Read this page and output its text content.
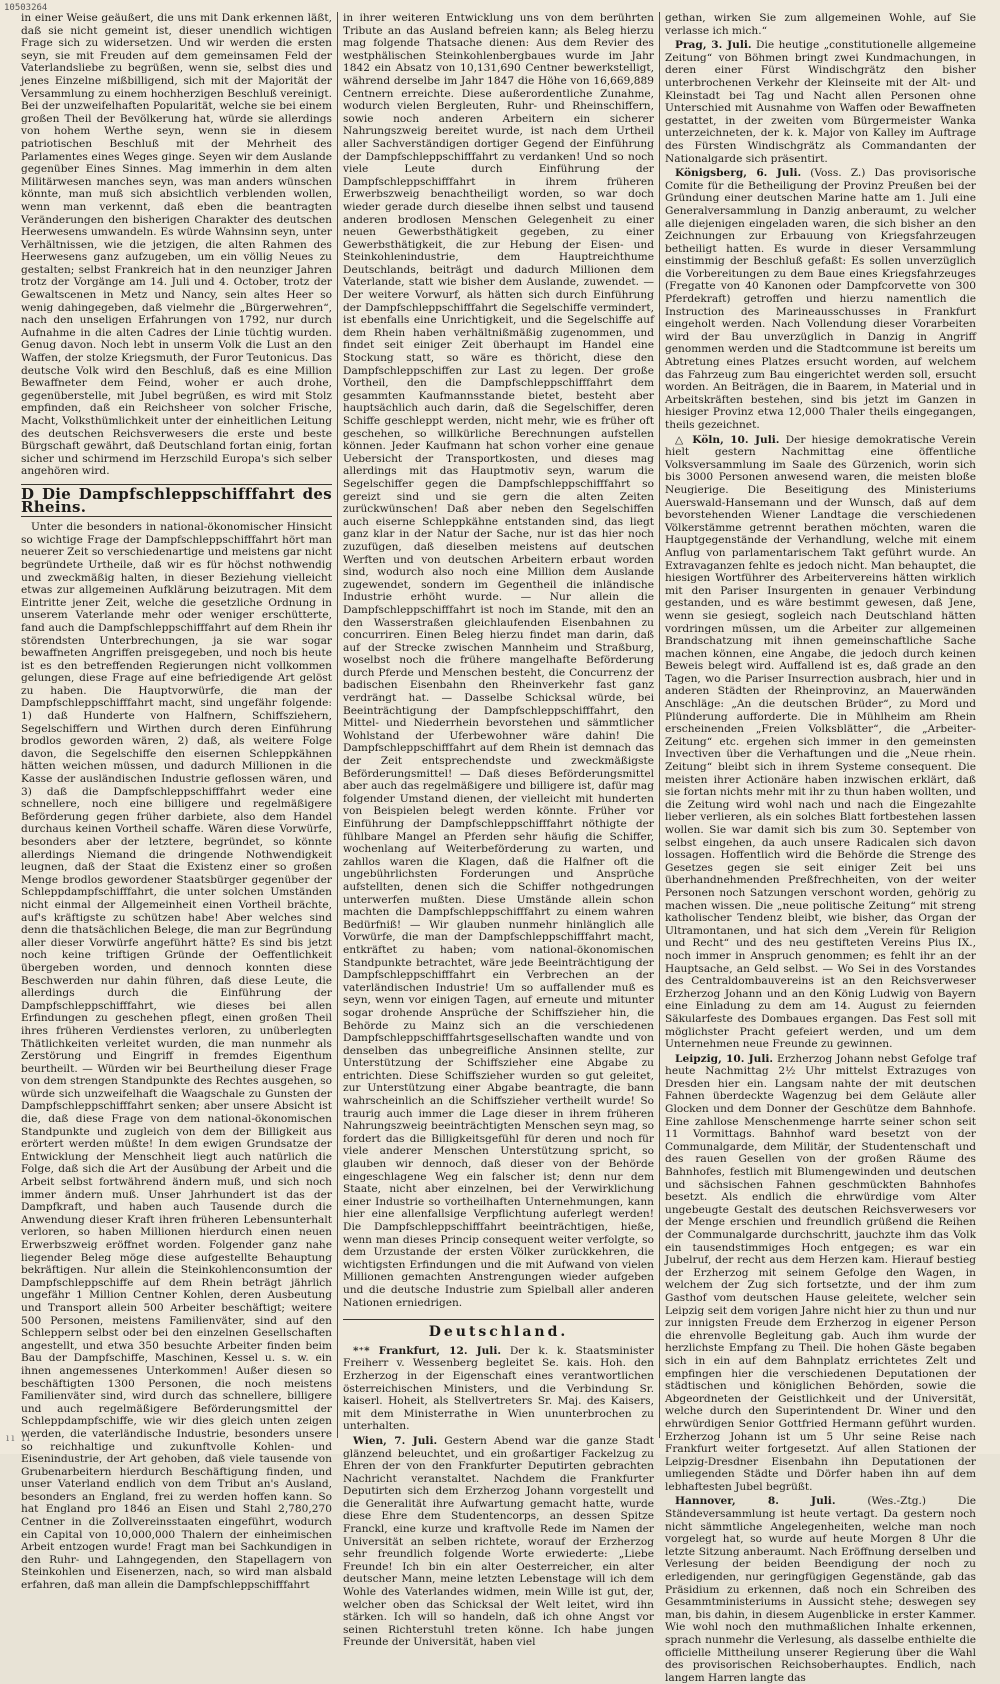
10503264

in einer Weise geäußert, die uns mit Dank erkennen läßt, daß sie nicht gemeint ist, dieser unendlich wichtigen Frage sich zu widersetzen. Und wir werden die ersten seyn, sie mit Freuden auf dem gemeinsamen Feld der Vaterlandsliebe zu begrüßen, wenn sie, selbst dies und jenes Einzelne mißbilligend, sich mit der Majorität der Versammlung zu einem hochherzigen Beschluß vereinigt. Bei der unzweifelhaften Popularität, welche sie bei einem großen Theil der Bevölkerung hat, würde sie allerdings von hohem Werthe seyn, wenn sie in diesem patriotischen Beschluß mit der Mehrheit des Parlamentes eines Weges ginge. Seyen wir dem Auslande gegenüber Eines Sinnes. Mag immerhin in dem alten Militärwesen manches seyn, was man anders wünschen könnte, man muß sich absichtlich verblenden wollen, wenn man verkennt, daß eben die beantragten Veränderungen den bisherigen Charakter des deutschen Heerwesens umwandeln. Es würde Wahnsinn seyn, unter Verhältnissen, wie die jetzigen, die alten Rahmen des Heerwesens ganz aufzugeben, um ein völlig Neues zu gestalten; selbst Frankreich hat in den neunziger Jahren trotz der Vorgänge am 14. Juli und 4. October, trotz der Gewaltscenen in Metz und Nancy, sein altes Heer so wenig dahingegeben, daß vielmehr die „Bürgerwehren“, nach den unseligen Erfahrungen von 1792, nur durch Aufnahme in die alten Cadres der Linie tüchtig wurden. Genug davon. Noch lebt in unserm Volk die Lust an den Waffen, der stolze Kriegsmuth, der Furor Teutonicus. Das deutsche Volk wird den Beschluß, daß es eine Million Bewaffneter dem Feind, woher er auch drohe, gegenüberstelle, mit Jubel begrüßen, es wird mit Stolz empfinden, daß ein Reichsheer von solcher Frische, Macht, Volksthümlichkeit unter der einheitlichen Leitung des deutschen Reichsverwesers die erste und beste Bürgschaft gewährt, daß Deutschland fortan einig, fortan sicher und schirmend im Herzschild Europa's sich selber angehören wird.

D Die Dampfschleppschifffahrt des Rheins.

Unter die besonders in national-ökonomischer Hinsicht so wichtige Frage der Dampfschleppschifffahrt hört man neuerer Zeit so verschiedenartige und meistens gar nicht begründete Urtheile, daß wir es für höchst nothwendig und zweckmäßig halten, in dieser Beziehung vielleicht etwas zur allgemeinen Aufklärung beizutragen. Mit dem Eintritte jener Zeit, welche die gesetzliche Ordnung in unserem Vaterlande mehr oder weniger erschütterte, fand auch die Dampfschleppschifffahrt auf dem Rhein ihr störendsten Unterbrechungen, ja sie war sogar bewaffneten Angriffen preisgegeben, und noch bis heute ist es den betreffenden Regierungen nicht vollkommen gelungen, diese Frage auf eine befriedigende Art gelöst zu haben. Die Hauptvorwürfe, die man der Dampfschleppschifffahrt macht, sind ungefähr folgende: 1) daß Hunderte von Halfnern, Schiffsziehern, Segelschiffern und Wirthen durch deren Einführung brodlos geworden wären, 2) daß, als weitere Folge davon, die Segelschiffe den eisernen Schleppkähnen hätten weichen müssen, und dadurch Millionen in die Kasse der ausländischen Industrie geflossen wären, und 3) daß die Dampfschleppschifffahrt weder eine schnellere, noch eine billigere und regelmäßigere Beförderung gegen früher darbiete, also dem Handel durchaus keinen Vortheil schaffe. Wären diese Vorwürfe, besonders aber der letztere, begründet, so könnte allerdings Niemand die dringende Nothwendigkeit leugnen, daß der Staat die Existenz einer so großen Menge brodlos gewordener Staatsbürger gegenüber der Schleppdampfschifffahrt, die unter solchen Umständen nicht einmal der Allgemeinheit einen Vortheil brächte, auf's kräftigste zu schützen habe! Aber welches sind denn die thatsächlichen Belege, die man zur Begründung aller dieser Vorwürfe angeführt hätte? Es sind bis jetzt noch keine triftigen Gründe der Oeffentlichkeit übergeben worden, und dennoch konnten diese Beschwerden nur dahin führen, daß diese Leute, die allerdings durch die Einführung der Dampfschleppschifffahrt, wie dieses bei allen Erfindungen zu geschehen pflegt, einen großen Theil ihres früheren Verdienstes verloren, zu unüberlegten Thätlichkeiten verleitet wurden, die man nunmehr als Zerstörung und Eingriff in fremdes Eigenthum beurtheilt. — Würden wir bei Beurtheilung dieser Frage von dem strengen Standpunkte des Rechtes ausgehen, so würde sich unzweifelhaft die Waagschale zu Gunsten der Dampfschleppschifffahrt senken; aber unsere Absicht ist die, daß diese Frage von dem national-ökonomischen Standpunkte und zugleich von dem der Billigkeit aus erörtert werden müßte! In dem ewigen Grundsatze der Entwicklung der Menschheit liegt auch natürlich die Folge, daß sich die Art der Ausübung der Arbeit und die Arbeit selbst fortwährend ändern muß, und sich noch immer ändern muß. Unser Jahrhundert ist das der Dampfkraft, und haben auch Tausende durch die Anwendung dieser Kraft ihren früheren Lebensunterhalt verloren, so haben Millionen hierdurch einen neuen Erwerbszweig eröffnet worden. Folgender ganz nahe liegender Beleg möge diese aufgestellte Behauptung bekräftigen. Nur allein die Steinkohlenconsumtion der Dampfschleppschiffe auf dem Rhein beträgt jährlich ungefähr 1 Million Centner Kohlen, deren Ausbeutung und Transport allein 500 Arbeiter beschäftigt; weitere 500 Personen, meistens Familienväter, sind auf den Schleppern selbst oder bei den einzelnen Gesellschaften angestellt, und etwa 350 besuchte Arbeiter finden beim Bau der Dampfschiffe, Maschinen, Kessel u. s. w. ein ihnen angemessenes Unterkommen! Außer diesen so beschäftigten 1300 Personen, die noch meistens Familienväter sind, wird durch das schnellere, billigere und auch regelmäßigere Beförderungsmittel der Schleppdampfschiffe, wie wir dies gleich unten zeigen werden, die vaterländische Industrie, besonders unsere so reichhaltige und zukunftvolle Kohlen- und Eisenindustrie, der Art gehoben, daß viele tausende von Grubenarbeitern hierdurch Beschäftigung finden, und unser Vaterland endlich von dem Tribut an's Ausland, besonders an England, frei zu werden hoffen kann. So hat England pro 1846 an Eisen und Stahl 2,780,270 Centner in die Zollvereinsstaaten eingeführt, wodurch ein Capital von 10,000,000 Thalern der einheimischen Arbeit entzogen wurde! Fragt man bei Sachkundigen in den Ruhr- und Lahngegenden, den Stapellagern von Steinkohlen und Eisenerzen, nach, so wird man alsbald erfahren, daß man allein die Dampfschleppschifffahrt

in ihrer weiteren Entwicklung uns von dem berührten Tribute an das Ausland befreien kann; als Beleg hierzu mag folgende Thatsache dienen: Aus dem Revier des westphälischen Steinkohlenbergbaues wurde im Jahr 1842 ein Absatz von 10,131,690 Centner bewerkstelligt, während derselbe im Jahr 1847 die Höhe von 16,669,889 Centnern erreichte. Diese außerordentliche Zunahme, wodurch vielen Bergleuten, Ruhr- und Rheinschiffern, sowie noch anderen Arbeitern ein sicherer Nahrungszweig bereitet wurde, ist nach dem Urtheil aller Sachverständigen dortiger Gegend der Einführung der Dampfschleppschifffahrt zu verdanken! Und so noch viele Leute durch Einführung der Dampfschleppschifffahrt in ihrem früheren Erwerbszweig benachtheiligt worden, so war doch wieder gerade durch dieselbe ihnen selbst und tausend anderen brodlosen Menschen Gelegenheit zu einer neuen Gewerbsthätigkeit gegeben, zu einer Gewerbsthätigkeit, die zur Hebung der Eisen- und Steinkohlenindustrie, dem Hauptreichthume Deutschlands, beiträgt und dadurch Millionen dem Vaterlande, statt wie bisher dem Auslande, zuwendet. — Der weitere Vorwurf, als hätten sich durch Einführung der Dampfschleppschifffahrt die Segelschiffe vermindert, ist ebenfalls eine Unrichtigkeit, und die Segelschiffe auf dem Rhein haben verhältnißmäßig zugenommen, und findet seit einiger Zeit überhaupt im Handel eine Stockung statt, so wäre es thöricht, diese den Dampfschleppschiffen zur Last zu legen. Der große Vortheil, den die Dampfschleppschifffahrt dem gesammten Kaufmannsstande bietet, besteht aber hauptsächlich auch darin, daß die Segelschiffer, deren Schiffe geschleppt werden, nicht mehr, wie es früher oft geschehen, so willkürliche Berechnungen aufstellen können. Jeder Kaufmann hat schon vorher eine genaue Uebersicht der Transportkosten, und dieses mag allerdings mit das Hauptmotiv seyn, warum die Segelschiffer gegen die Dampfschleppschifffahrt so gereizt sind und sie gern die alten Zeiten zurückwünschen! Daß aber neben den Segelschiffen auch eiserne Schleppkähne entstanden sind, das liegt ganz klar in der Natur der Sache, nur ist das hier noch zuzufügen, daß dieselben meistens auf deutschen Werften und von deutschen Arbeitern erbaut worden sind, wodurch also noch eine Million dem Auslande zugewendet, sondern im Gegentheil die inländische Industrie erhöht wurde. — Nur allein die Dampfschleppschifffahrt ist noch im Stande, mit den an den Wasserstraßen gleichlaufenden Eisenbahnen zu concurriren. Einen Beleg hierzu findet man darin, daß auf der Strecke zwischen Mannheim und Straßburg, woselbst noch die frühere mangelhafte Beförderung durch Pferde und Menschen besteht, die Concurrenz der badischen Eisenbahn den Rheinverkehr fast ganz verdrängt hat. — Dasselbe Schicksal würde, bei Beeinträchtigung der Dampfschleppschifffahrt, den Mittel- und Niederrhein bevorstehen und sämmtlicher Wohlstand der Uferbewohner wäre dahin! Die Dampfschleppschifffahrt auf dem Rhein ist demnach das der Zeit entsprechendste und zweckmäßigste Beförderungsmittel! — Daß dieses Beförderungsmittel aber auch das regelmäßigere und billigere ist, dafür mag folgender Umstand dienen, der vielleicht mit hunderten von Beispielen belegt werden könnte. Früher vor Einführung der Dampfschleppschifffahrt nöthigte der fühlbare Mangel an Pferden sehr häufig die Schiffer, wochenlang auf Weiterbeförderung zu warten, und zahllos waren die Klagen, daß die Halfner oft die ungebührlichsten Forderungen und Ansprüche aufstellten, denen sich die Schiffer nothgedrungen unterwerfen mußten. Diese Umstände allein schon machten die Dampfschleppschifffahrt zu einem wahren Bedürfniß! — Wir glauben nunmehr hinlänglich alle Vorwürfe, die man der Dampfschleppschifffahrt macht, entkräftet zu haben; vom national-ökonomischen Standpunkte betrachtet, wäre jede Beeinträchtigung der Dampfschleppschifffahrt ein Verbrechen an der vaterländischen Industrie! Um so auffallender muß es seyn, wenn vor einigen Tagen, auf erneute und mitunter sogar drohende Ansprüche der Schiffszieher hin, die Behörde zu Mainz sich an die verschiedenen Dampfschleppschifffahrtsgesellschaften wandte und von denselben das unbegreifliche Ansinnen stellte, zur Unterstützung der Schiffszieher eine Abgabe zu entrichten. Diese Schiffszieher wurden so gut geleitet, zur Unterstützung einer Abgabe beantragte, die bann wahrscheinlich an die Schiffszieher vertheilt wurde! So traurig auch immer die Lage dieser in ihrem früheren Nahrungszweig beeinträchtigten Menschen seyn mag, so fordert das die Billigkeitsgefühl für deren und noch für viele anderer Menschen Unterstützung spricht, so glauben wir dennoch, daß dieser von der Behörde eingeschlagene Weg ein falscher ist; denn nur dem Staate, nicht aber einzelnen, bei der Verwirklichung einer Industrie so vortheilhaften Unternehmungen, kann hier eine allenfallsige Verpflichtung auferlegt werden! Die Dampfschleppschifffahrt beeinträchtigen, hieße, wenn man dieses Princip consequent weiter verfolgte, so dem Urzustande der ersten Völker zurückkehren, die wichtigsten Erfindungen und die mit Aufwand von vielen Millionen gemachten Anstrengungen wieder aufgeben und die deutsche Industrie zum Spielball aller anderen Nationen erniedrigen.

Deutschland.

*⁺* Frankfurt, 12. Juli. Der k. k. Staatsminister Freiherr v. Wessenberg begleitet Se. kais. Hoh. den Erzherzog in der Eigenschaft eines verantwortlichen österreichischen Ministers, und die Verbindung Sr. kaiserl. Hoheit, als Stellvertreters Sr. Maj. des Kaisers, mit dem Ministerrathe in Wien ununterbrochen zu unterhalten.

Wien, 7. Juli. Gestern Abend war die ganze Stadt glänzend beleuchtet, und ein großartiger Fackelzug zu Ehren der von den Frankfurter Deputirten gebrachten Nachricht veranstaltet. Nachdem die Frankfurter Deputirten sich dem Erzherzog Johann vorgestellt und die Generalität ihre Aufwartung gemacht hatte, wurde diese Ehre dem Studentencorps, an dessen Spitze Franckl, eine kurze und kraftvolle Rede im Namen der Universität an selben richtete, worauf der Erzherzog sehr freundlich folgende Worte erwiederte: „Liebe Freunde! Ich bin ein alter Oesterreicher, ein alter deutscher Mann, meine letzten Lebenstage will ich dem Wohle des Vaterlandes widmen, mein Wille ist gut, der, welcher oben das Schicksal der Welt leitet, wird ihn stärken. Ich will so handeln, daß ich ohne Angst vor seinen Richterstuhl treten könne. Ich habe jungen Freunde der Universität, haben viel

gethan, wirken Sie zum allgemeinen Wohle, auf Sie verlasse ich mich.“

Prag, 3. Juli. Die heutige „constitutionelle allgemeine Zeitung“ von Böhmen bringt zwei Kundmachungen, in deren einer Fürst Windischgrätz den bisher unterbrochenen Verkehr der Kleinseite mit der Alt- und Kleinstadt bei Tag und Nacht allen Personen ohne Unterschied mit Ausnahme von Waffen oder Bewaffneten gestattet, in der zweiten vom Bürgermeister Wanka unterzeichneten, der k. k. Major von Kalley im Auftrage des Fürsten Windischgrätz als Commandanten der Nationalgarde sich präsentirt.

Königsberg, 6. Juli. (Voss. Z.) Das provisorische Comite für die Betheiligung der Provinz Preußen bei der Gründung einer deutschen Marine hatte am 1. Juli eine Generalversammlung in Danzig anberaumt, zu welcher alle diejenigen eingeladen waren, die sich bisher an den Zeichnungen zur Erbauung von Kriegsfahrzeugen betheiligt hatten. Es wurde in dieser Versammlung einstimmig der Beschluß gefaßt: Es sollen unverzüglich die Vorbereitungen zu dem Baue eines Kriegsfahrzeuges (Fregatte von 40 Kanonen oder Dampfcorvette von 300 Pferdekraft) getroffen und hierzu namentlich die Instruction des Marineausschusses in Frankfurt eingeholt werden. Nach Vollendung dieser Vorarbeiten wird der Bau unverzüglich in Danzig in Angriff genommen werden und die Stadtcommune ist bereits um Abtretung eines Platzes ersucht worden, auf welchem das Fahrzeug zum Bau eingerichtet werden soll, ersucht worden. An Beiträgen, die in Baarem, in Material und in Arbeitskräften bestehen, sind bis jetzt im Ganzen in hiesiger Provinz etwa 12,000 Thaler theils eingegangen, theils gezeichnet.

△ Köln, 10. Juli. Der hiesige demokratische Verein hielt gestern Nachmittag eine öffentliche Volksversammlung im Saale des Gürzenich, worin sich bis 3000 Personen anwesend waren, die meisten bloße Neugierige. Die Beseitigung des Ministeriums Auerswald-Hansemann und der Wunsch, daß auf dem bevorstehenden Wiener Landtage die verschiedenen Völkerstämme getrennt berathen möchten, waren die Hauptgegenstände der Verhandlung, welche mit einem Anflug von parlamentarischem Takt geführt wurde. An Extravaganzen fehlte es jedoch nicht. Man behauptet, die hiesigen Wortführer des Arbeitervereins hätten wirklich mit den Pariser Insurgenten in genauer Verbindung gestanden, und es wäre bestimmt gewesen, daß Jene, wenn sie gesiegt, sogleich nach Deutschland hätten vordringen müssen, um die Arbeiter zur allgemeinen Brandschatzung mit ihnen gemeinschaftliche Sache machen können, eine Angabe, die jedoch durch keinen Beweis belegt wird. Auffallend ist es, daß grade an den Tagen, wo die Pariser Insurrection ausbrach, hier und in anderen Städten der Rheinprovinz, an Mauerwänden Anschläge: „An die deutschen Brüder“, zu Mord und Plünderung aufforderte. Die in Mühlheim am Rhein erscheinenden „Freien Volksblätter“, die „Arbeiter-Zeitung“ etc. ergehen sich immer in den gemeinsten Invectiven über die Verhaftungen und die „Neue rhein. Zeitung“ bleibt sich in ihrem Systeme consequent. Die meisten ihrer Actionäre haben inzwischen erklärt, daß sie fortan nichts mehr mit ihr zu thun haben wollten, und die Zeitung wird wohl nach und nach die Eingezahlte lieber verlieren, als ein solches Blatt fortbestehen lassen wollen. Sie war damit sich bis zum 30. September von selbst eingehen, da auch unsere Radicalen sich davon lossagen. Hoffentlich wird die Behörde die Strenge des Gesetzes gegen sie seit einiger Zeit bei uns überhandnehmenden Preßfrechheiten, von der weiter Personen noch Satzungen verschont worden, gehörig zu machen wissen. Die „neue politische Zeitung“ mit streng katholischer Tendenz bleibt, wie bisher, das Organ der Ultramontanen, und hat sich dem „Verein für Religion und Recht“ und des neu gestifteten Vereins Pius IX., noch immer in Anspruch genommen; es fehlt ihr an der Hauptsache, an Geld selbst. — Wo Sei in des Vorstandes des Centraldombauvereins ist an den Reichsverweser Erzherzog Johann und an den König Ludwig von Bayern eine Einladung zu dem am 14. August zu feiernden Säkularfeste des Dombaues ergangen. Das Fest soll mit möglichster Pracht gefeiert werden, und um dem Unternehmen neue Freunde zu gewinnen.

Leipzig, 10. Juli. Erzherzog Johann nebst Gefolge traf heute Nachmittag 2½ Uhr mittelst Extrazuges von Dresden hier ein. Langsam nahte der mit deutschen Fahnen überdeckte Wagenzug bei dem Geläute aller Glocken und dem Donner der Geschütze dem Bahnhofe. Eine zahllose Menschenmenge harrte seiner schon seit 11 Vormittags. Bahnhof ward besetzt von der Communalgarde, dem Militär, der Studentenschaft und des rauen Gesellen von der großen Räume des Bahnhofes, festlich mit Blumengewinden und deutschen und sächsischen Fahnen geschmückten Bahnhofes besetzt. Als endlich die ehrwürdige vom Alter ungebeugte Gestalt des deutschen Reichsverwesers vor der Menge erschien und freundlich grüßend die Reihen der Communalgarde durchschritt, jauchzte ihm das Volk ein tausendstimmiges Hoch entgegen; es war ein Jubelruf, der recht aus dem Herzen kam. Hierauf bestieg der Erzherzog mit seinem Gefolge den Wagen, in welchem der Zug sich fortsetzte, und der ihm zum Gasthof vom deutschen Hause geleitete, welcher sein Leipzig seit dem vorigen Jahre nicht hier zu thun und nur zur innigsten Freude dem Erzherzog in eigener Person die ehrenvolle Begleitung gab. Auch ihm wurde der herzlichste Empfang zu Theil. Die hohen Gäste begaben sich in ein auf dem Bahnplatz errichtetes Zelt und empfingen hier die verschiedenen Deputationen der städtischen und königlichen Behörden, sowie die Abgeordneten der Geistlichkeit und der Universität, welche durch den Superintendent Dr. Winer und den ehrwürdigen Senior Gottfried Hermann geführt wurden. Erzherzog Johann ist um 5 Uhr seine Reise nach Frankfurt weiter fortgesetzt. Auf allen Stationen der Leipzig-Dresdner Eisenbahn ihn Deputationen der umliegenden Städte und Dörfer haben ihn auf dem lebhaftesten Jubel begrüßt.

Hannover, 8. Juli.	(Wes.-Ztg.) Die Ständeversammlung ist heute vertagt. Da gestern noch nicht sämmtliche Angelegenheiten, welche man noch vorgelegt hat, so wurde auf heute Morgen 8 Uhr die letzte Sitzung anberaumt. Nach Eröffnung derselben und Verlesung der beiden Beendigung der noch zu erledigenden, nur geringfügigen Gegenstände, gab das Präsidium zu erkennen, daß noch ein Schreiben des Gesammtministeriums in Aussicht stehe; deswegen sey man, bis dahin, in diesem Augenblicke in erster Kammer. Wie wohl noch den muthmaßlichen Inhalte erkennen, sprach nunmehr die Verlesung, als dasselbe enthielte die officielle Mittheilung unserer Regierung über die Wahl des provisorischen Reichsoberhauptes. Endlich, nach langem Harren langte das

ıı ıı
